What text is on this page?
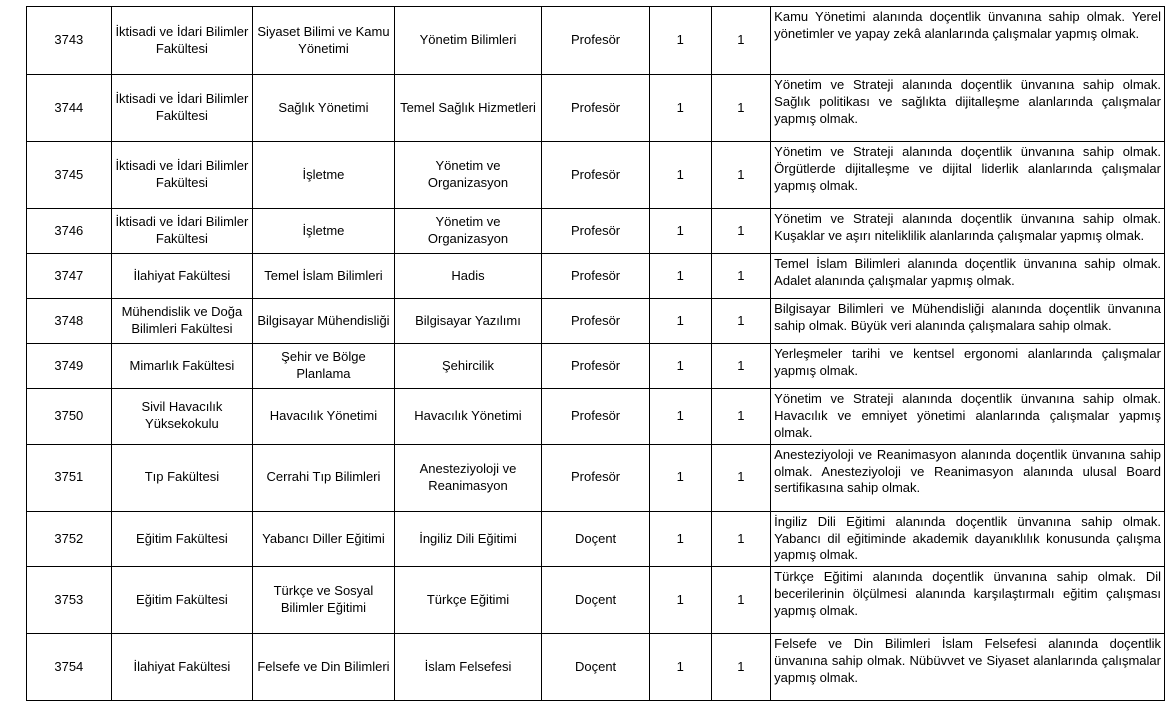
3743	İktisadi ve İdari Bilimler Fakültesi	Siyaset Bilimi ve Kamu Yönetimi	Yönetim Bilimleri	Profesör	1	1	Kamu Yönetimi alanında doçentlik ünvanına sahip olmak. Yerel yönetimler ve yapay zekâ alanlarında çalışmalar yapmış olmak.
3744	İktisadi ve İdari Bilimler Fakültesi	Sağlık Yönetimi	Temel Sağlık Hizmetleri	Profesör	1	1	Yönetim ve Strateji alanında doçentlik ünvanına sahip olmak. Sağlık politikası ve sağlıkta dijitalleşme alanlarında çalışmalar yapmış olmak.
3745	İktisadi ve İdari Bilimler Fakültesi	İşletme	Yönetim ve Organizasyon	Profesör	1	1	Yönetim ve Strateji alanında doçentlik ünvanına sahip olmak. Örgütlerde dijitalleşme ve dijital liderlik alanlarında çalışmalar yapmış olmak.
3746	İktisadi ve İdari Bilimler Fakültesi	İşletme	Yönetim ve Organizasyon	Profesör	1	1	Yönetim ve Strateji alanında doçentlik ünvanına sahip olmak. Kuşaklar ve aşırı niteliklilik alanlarında çalışmalar yapmış olmak.
3747	İlahiyat Fakültesi	Temel İslam Bilimleri	Hadis	Profesör	1	1	Temel İslam Bilimleri alanında doçentlik ünvanına sahip olmak. Adalet alanında çalışmalar yapmış olmak.
3748	Mühendislik ve Doğa Bilimleri Fakültesi	Bilgisayar Mühendisliği	Bilgisayar Yazılımı	Profesör	1	1	Bilgisayar Bilimleri ve Mühendisliği alanında doçentlik ünvanına sahip olmak. Büyük veri alanında çalışmalara sahip olmak.
3749	Mimarlık Fakültesi	Şehir ve Bölge Planlama	Şehircilik	Profesör	1	1	Yerleşmeler tarihi ve kentsel ergonomi alanlarında çalışmalar yapmış olmak.
3750	Sivil Havacılık Yüksekokulu	Havacılık Yönetimi	Havacılık Yönetimi	Profesör	1	1	Yönetim ve Strateji alanında doçentlik ünvanına sahip olmak. Havacılık ve emniyet yönetimi alanlarında çalışmalar yapmış olmak.
3751	Tıp Fakültesi	Cerrahi Tıp Bilimleri	Anesteziyoloji ve Reanimasyon	Profesör	1	1	Anesteziyoloji ve Reanimasyon alanında doçentlik ünvanına sahip olmak. Anesteziyoloji ve Reanimasyon alanında ulusal Board sertifikasına sahip olmak.
3752	Eğitim Fakültesi	Yabancı Diller Eğitimi	İngiliz Dili Eğitimi	Doçent	1	1	İngiliz Dili Eğitimi alanında doçentlik ünvanına sahip olmak. Yabancı dil eğitiminde akademik dayanıklılık konusunda çalışma yapmış olmak.
3753	Eğitim Fakültesi	Türkçe ve Sosyal Bilimler Eğitimi	Türkçe Eğitimi	Doçent	1	1	Türkçe Eğitimi alanında doçentlik ünvanına sahip olmak. Dil becerilerinin ölçülmesi alanında karşılaştırmalı eğitim çalışması yapmış olmak.
3754	İlahiyat Fakültesi	Felsefe ve Din Bilimleri	İslam Felsefesi	Doçent	1	1	Felsefe ve Din Bilimleri İslam Felsefesi alanında doçentlik ünvanına sahip olmak. Nübüvvet ve Siyaset alanlarında çalışmalar yapmış olmak.
